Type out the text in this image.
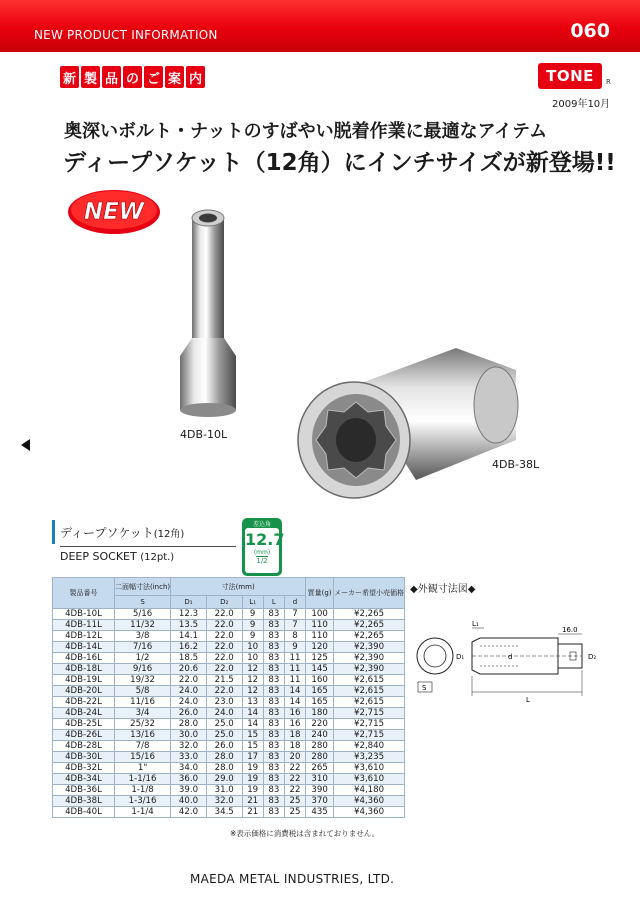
NEW PRODUCT INFORMATION	060
新 製 品 の ご 案 内	TONE	R
2009年10月
奥深いボルト・ナットのすばやい脱着作業に最適なアイテム
ディープソケット（12角）にインチサイズが新登場!!
NEW
4DB-10L
4DB-38L
ディープソケット(12角)
DEEP SOCKET (12pt.)
差込角
12.7
(mm)
1/2
製品番号	二面幅寸法(inch)	寸法(mm)					質量(g)	メーカー希望小売価格
	S	D₁	D₂	L₁	L	d		
4DB-10L	5/16	12.3	22.0	9	83	7	100	¥2,265
4DB-11L	11/32	13.5	22.0	9	83	7	110	¥2,265
4DB-12L	3/8	14.1	22.0	9	83	8	110	¥2,265
4DB-14L	7/16	16.2	22.0	10	83	9	120	¥2,390
4DB-16L	1/2	18.5	22.0	10	83	11	125	¥2,390
4DB-18L	9/16	20.6	22.0	12	83	11	145	¥2,390
4DB-19L	19/32	22.0	21.5	12	83	11	160	¥2,615
4DB-20L	5/8	24.0	22.0	12	83	14	165	¥2,615
4DB-22L	11/16	24.0	23.0	13	83	14	165	¥2,615
4DB-24L	3/4	26.0	24.0	14	83	16	180	¥2,715
4DB-25L	25/32	28.0	25.0	14	83	16	220	¥2,715
4DB-26L	13/16	30.0	25.0	15	83	18	240	¥2,715
4DB-28L	7/8	32.0	26.0	15	83	18	280	¥2,840
4DB-30L	15/16	33.0	28.0	17	83	20	280	¥3,235
4DB-32L	1"	34.0	28.0	19	83	22	265	¥3,610
4DB-34L	1-1/16	36.0	29.0	19	83	22	310	¥3,610
4DB-36L	1-1/8	39.0	31.0	19	83	22	390	¥4,180
4DB-38L	1-3/16	40.0	32.0	21	83	25	370	¥4,360
4DB-40L	1-1/4	42.0	34.5	21	83	25	435	¥4,360
※表示価格に消費税は含まれておりません。
◆外観寸法図◆
S
L₁
16.0
D₁	d	D₂
L
MAEDA METAL INDUSTRIES, LTD.
